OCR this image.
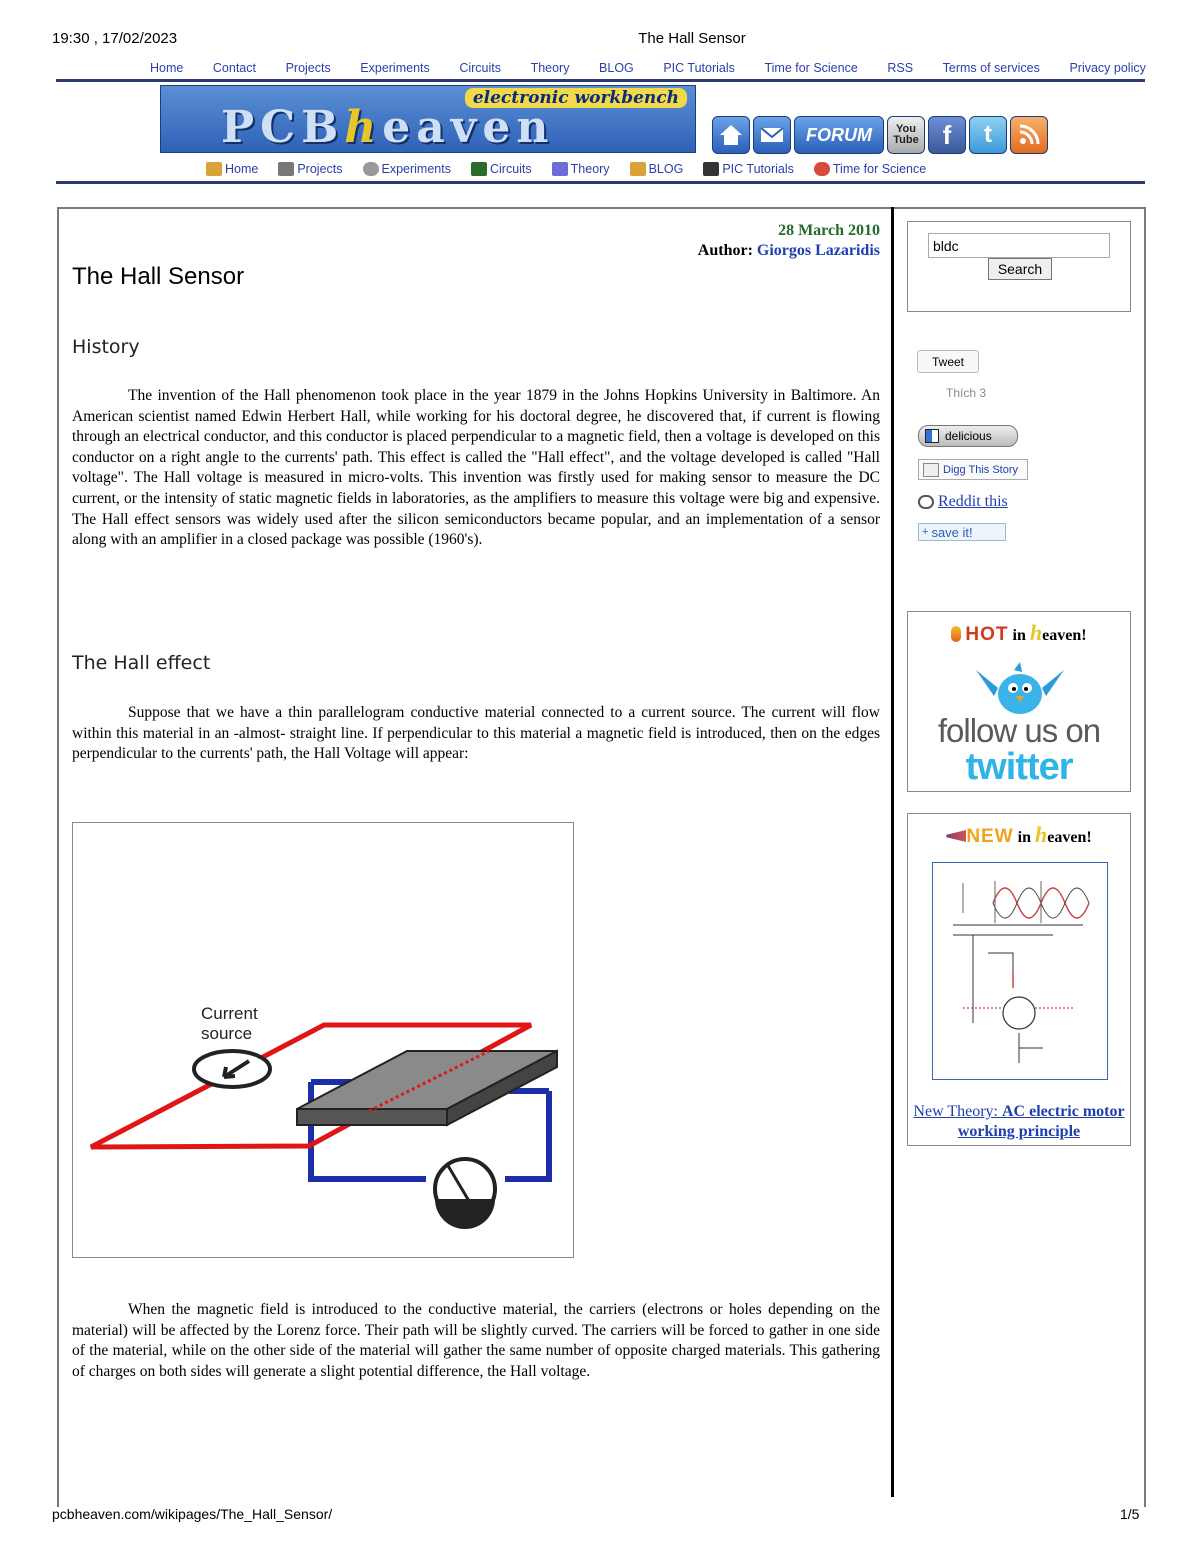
19:30 , 17/02/2023	The Hall Sensor
Home Contact Projects Experiments Circuits Theory BLOG PIC Tutorials Time for Science RSS Terms of services Privacy policy
electronic workbench
PCBheaven	FORUM	You Tube f	t
Home	Projects	Experiments	Circuits	Theory	BLOG	PIC Tutorials	Time for Science
28 March 2010
Author: Giorgos Lazaridis
The Hall Sensor
History

The invention of the Hall phenomenon took place in the year 1879 in the Johns Hopkins University in Baltimore. An American scientist named Edwin Herbert Hall, while working for his doctoral degree, he discovered that, if current is flowing through an electrical conductor, and this conductor is placed perpendicular to a magnetic field, then a voltage is developed on this conductor on a right angle to the currents' path. This effect is called the "Hall effect", and the voltage developed is called "Hall voltage". The Hall voltage is measured in micro-volts. This invention was firstly used for making sensor to measure the DC current, or the intensity of static magnetic fields in laboratories, as the amplifiers to measure this voltage were big and expensive. The Hall effect sensors was widely used after the silicon semiconductors became popular, and an implementation of a sensor along with an amplifier in a closed package was possible (1960's).

The Hall effect

Suppose that we have a thin parallelogram conductive material connected to a current source. The current will flow within this material in an -almost- straight line. If perpendicular to this material a magnetic field is introduced, then on the edges perpendicular to the currents' path, the Hall Voltage will appear:

Current
source

When the magnetic field is introduced to the conductive material, the carriers (electrons or holes depending on the material) will be affected by the Lorenz force. Their path will be slightly curved. The carriers will be forced to gather in one side of the material, while on the other side of the material will gather the same number of opposite charged materials. This gathering of charges on both sides will generate a slight potential difference, the Hall voltage.

bldc
Search
Tweet
Thích 3
delicious
Digg This Story
Reddit this
+ save it!
HOT in heaven!
follow us on
twitter
NEW in heaven!
New Theory: AC electric motor working principle
pcbheaven.com/wikipages/The_Hall_Sensor/	1/5
